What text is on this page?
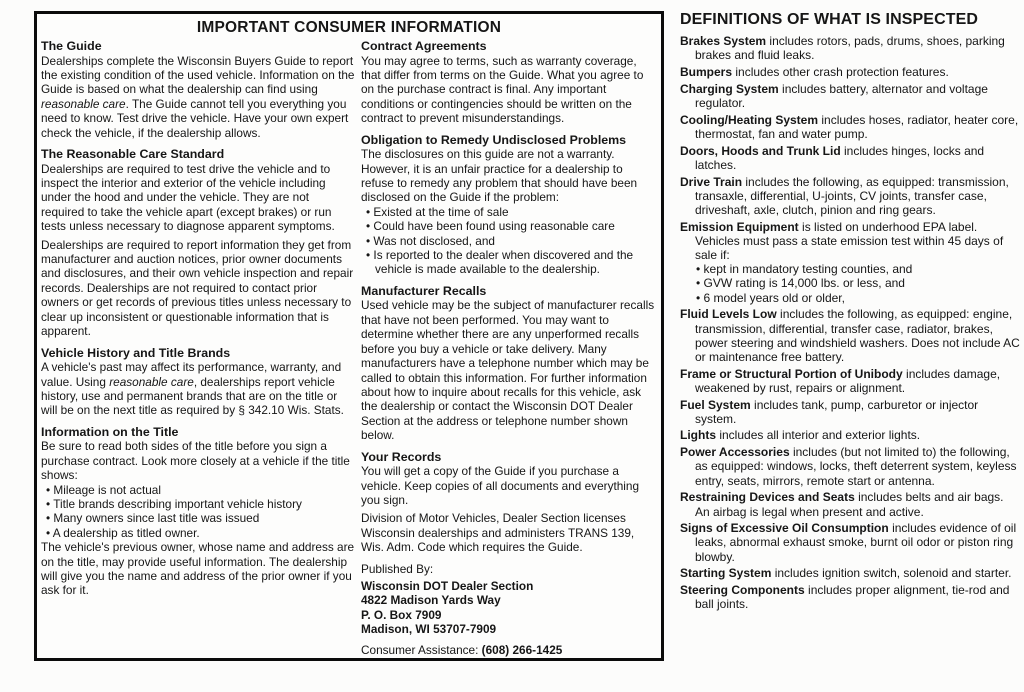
IMPORTANT CONSUMER INFORMATION
The Guide

Dealerships complete the Wisconsin Buyers Guide to report the existing condition of the used vehicle. Information on the Guide is based on what the dealership can find using reasonable care. The Guide cannot tell you everything you need to know. Test drive the vehicle. Have your own expert check the vehicle, if the dealership allows.

The Reasonable Care Standard

Dealerships are required to test drive the vehicle and to inspect the interior and exterior of the vehicle including under the hood and under the vehicle. They are not required to take the vehicle apart (except brakes) or run tests unless necessary to diagnose apparent symptoms.

Dealerships are required to report information they get from manufacturer and auction notices, prior owner documents and disclosures, and their own vehicle inspection and repair records. Dealerships are not required to contact prior owners or get records of previous titles unless necessary to clear up inconsistent or questionable information that is apparent.

Vehicle History and Title Brands

A vehicle's past may affect its performance, warranty, and value. Using reasonable care, dealerships report vehicle history, use and permanent brands that are on the title or will be on the next title as required by § 342.10 Wis. Stats.

Information on the Title

Be sure to read both sides of the title before you sign a purchase contract. Look more closely at a vehicle if the title shows:

• Mileage is not actual
• Title brands describing important vehicle history
• Many owners since last title was issued
• A dealership as titled owner.

The vehicle's previous owner, whose name and address are on the title, may provide useful information. The dealership will give you the name and address of the prior owner if you ask for it.

Contract Agreements

You may agree to terms, such as warranty coverage, that differ from terms on the Guide. What you agree to on the purchase contract is final. Any important conditions or contingencies should be written on the contract to prevent misunderstandings.

Obligation to Remedy Undisclosed Problems

The disclosures on this guide are not a warranty. However, it is an unfair practice for a dealership to refuse to remedy any problem that should have been disclosed on the Guide if the problem:

• Existed at the time of sale
• Could have been found using reasonable care
• Was not disclosed, and
• Is reported to the dealer when discovered and the vehicle is made available to the dealership.
Manufacturer Recalls

Used vehicle may be the subject of manufacturer recalls that have not been performed. You may want to determine whether there are any unperformed recalls before you buy a vehicle or take delivery. Many manufacturers have a telephone number which may be called to obtain this information. For further information about how to inquire about recalls for this vehicle, ask the dealership or contact the Wisconsin DOT Dealer Section at the address or telephone number shown below.

Your Records

You will get a copy of the Guide if you purchase a vehicle. Keep copies of all documents and everything you sign.

Division of Motor Vehicles, Dealer Section licenses Wisconsin dealerships and administers TRANS 139, Wis. Adm. Code which requires the Guide.

Published By:
Wisconsin DOT Dealer Section
4822 Madison Yards Way
P. O. Box 7909
Madison, WI 53707-7909
Consumer Assistance: (608) 266-1425
DEFINITIONS OF WHAT IS INSPECTED
Brakes System includes rotors, pads, drums, shoes, parking brakes and fluid leaks.
Bumpers includes other crash protection features.
Charging System includes battery, alternator and voltage regulator.
Cooling/Heating System includes hoses, radiator, heater core, thermostat, fan and water pump.
Doors, Hoods and Trunk Lid includes hinges, locks and latches.
Drive Train includes the following, as equipped: transmission, transaxle, differential, U-joints, CV joints, transfer case, driveshaft, axle, clutch, pinion and ring gears.
Emission Equipment is listed on underhood EPA label. Vehicles must pass a state emission test within 45 days of sale if:
• kept in mandatory testing counties, and
• GVW rating is 14,000 lbs. or less, and
• 6 model years old or older,
Fluid Levels Low includes the following, as equipped: engine, transmission, differential, transfer case, radiator, brakes, power steering and windshield washers. Does not include AC or maintenance free battery.
Frame or Structural Portion of Unibody includes damage, weakened by rust, repairs or alignment.
Fuel System includes tank, pump, carburetor or injector system.
Lights includes all interior and exterior lights.
Power Accessories includes (but not limited to) the following, as equipped: windows, locks, theft deterrent system, keyless entry, seats, mirrors, remote start or antenna.
Restraining Devices and Seats includes belts and air bags. An airbag is legal when present and active.
Signs of Excessive Oil Consumption includes evidence of oil leaks, abnormal exhaust smoke, burnt oil odor or piston ring blowby.
Starting System includes ignition switch, solenoid and starter.
Steering Components includes proper alignment, tie-rod and ball joints.
